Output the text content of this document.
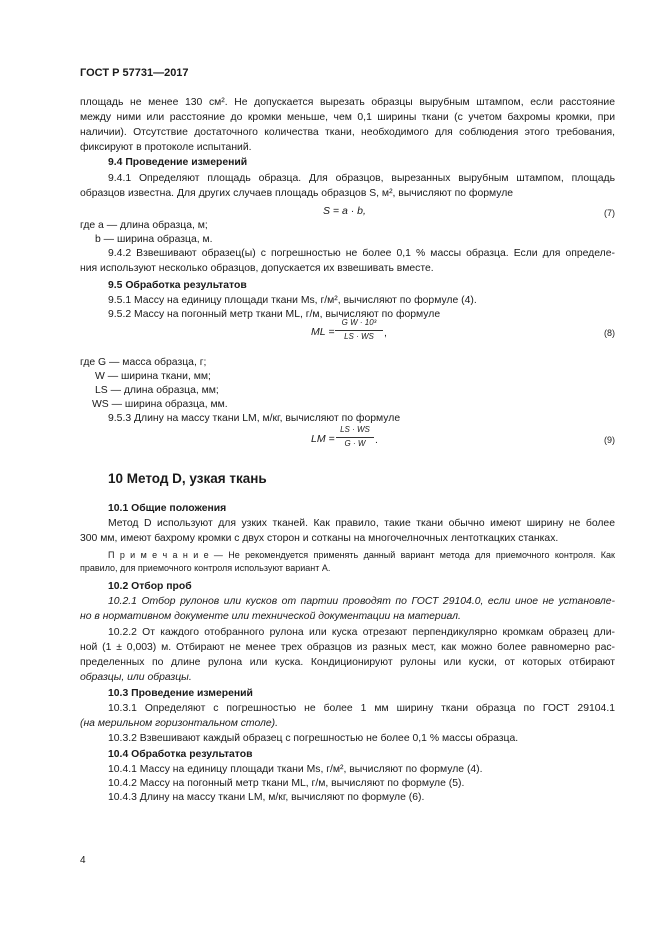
ГОСТ Р 57731—2017
площадь не менее 130 см². Не допускается вырезать образцы вырубным штампом, если расстояние
между ними или расстояние до кромки меньше, чем 0,1 ширины ткани (с учетом бахромы кромки, при
наличии). Отсутствие достаточного количества ткани, необходимого для соблюдения этого требования,
фиксируют в протоколе испытаний.
9.4 Проведение измерений
9.4.1 Определяют площадь образца. Для образцов, вырезанных вырубным штампом, площадь
образцов известна. Для других случаев площадь образцов S, м², вычисляют по формуле
S = a · b,	(7)
где a — длина образца, м;
b — ширина образца, м.
9.4.2 Взвешивают образец(ы) с погрешностью не более 0,1 % массы образца. Если для определе-
ния используют несколько образцов, допускается их взвешивать вместе.
9.5 Обработка результатов
9.5.1 Массу на единицу площади ткани Ms, г/м², вычисляют по формуле (4).
9.5.2 Массу на погонный метр ткани ML, г/м, вычисляют по формуле
ML =
G W · 10³
LS · WS ,	(8)
где G — масса образца, г;
W — ширина ткани, мм;
LS — длина образца, мм;
WS — ширина образца, мм.
9.5.3 Длину на массу ткани LM, м/кг, вычисляют по формуле
LM =
LS · WS
G · W .	(9)
10 Метод D, узкая ткань
10.1 Общие положения
Метод D используют для узких тканей. Как правило, такие ткани обычно имеют ширину не более
300 мм, имеют бахрому кромки с двух сторон и сотканы на многочелночных лентоткацких станках.
П р и м е ч а н и е — Не рекомендуется применять данный вариант метода для приемочного контроля. Как
правило, для приемочного контроля используют вариант А.
10.2 Отбор проб
10.2.1 Отбор рулонов или кусков от партии проводят по ГОСТ 29104.0, если иное не установле-
но в нормативном документе или технической документации на материал.
10.2.2 От каждого отобранного рулона или куска отрезают перпендикулярно кромкам образец дли-
ной (1 ± 0,003) м. Отбирают не менее трех образцов из разных мест, как можно более равномерно рас-
пределенных по длине рулона или куска. Кондиционируют рулоны или куски, от которых отбирают
образцы, или образцы.
10.3 Проведение измерений
10.3.1 Определяют с погрешностью не более 1 мм ширину ткани образца по ГОСТ 29104.1
(на мерильном горизонтальном столе).
10.3.2 Взвешивают каждый образец с погрешностью не более 0,1 % массы образца.
10.4 Обработка результатов
10.4.1 Массу на единицу площади ткани Ms, г/м², вычисляют по формуле (4).
10.4.2 Массу на погонный метр ткани ML, г/м, вычисляют по формуле (5).
10.4.3 Длину на массу ткани LM, м/кг, вычисляют по формуле (6).
4
